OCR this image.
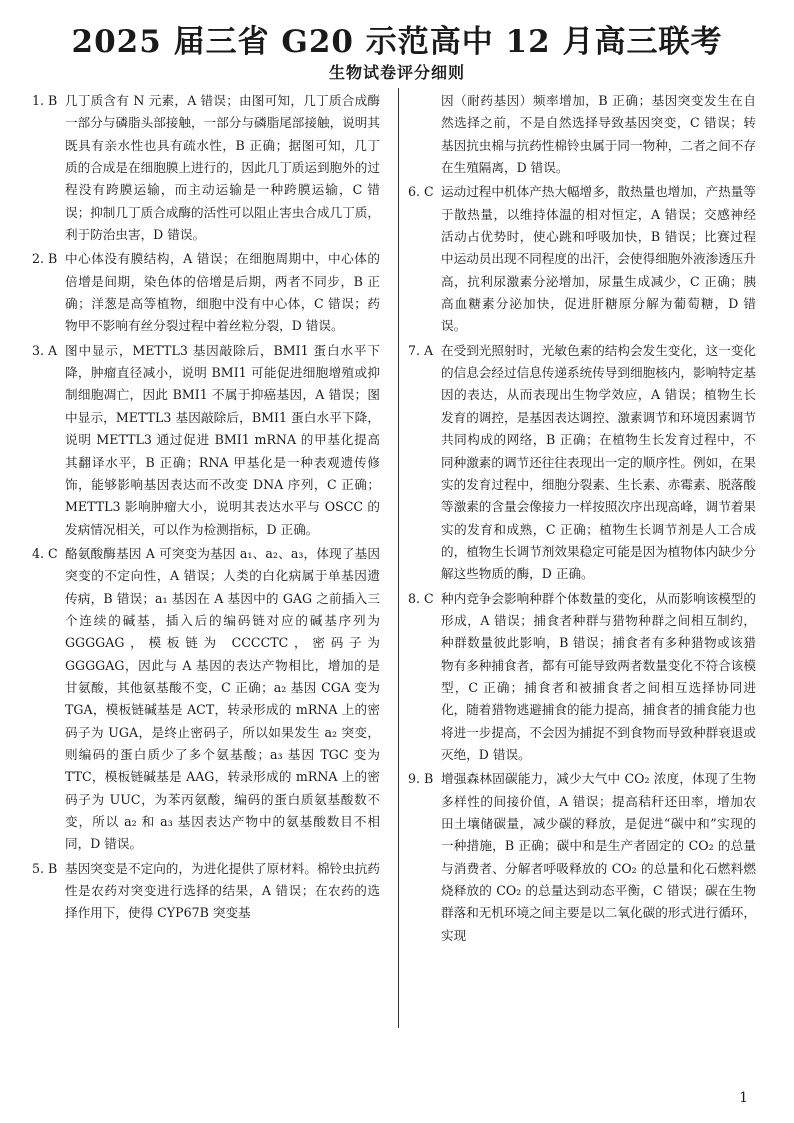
2025 届三省 G20 示范高中 12 月高三联考
生物试卷评分细则
1. B 几丁质含有 N 元素，A 错误；由图可知，几丁质合成酶一部分与磷脂头部接触，一部分与磷脂尾部接触，说明其既具有亲水性也具有疏水性，B 正确；据图可知，几丁质的合成是在细胞膜上进行的，因此几丁质运到胞外的过程没有跨膜运输，而主动运输是一种跨膜运输，C 错误；抑制几丁质合成酶的活性可以阻止害虫合成几丁质，利于防治虫害，D 错误。
2. B 中心体没有膜结构，A 错误；在细胞周期中，中心体的倍增是间期，染色体的倍增是后期，两者不同步，B 正确；洋葱是高等植物，细胞中没有中心体，C 错误；药物甲不影响有丝分裂过程中着丝粒分裂，D 错误。
3. A 图中显示，METTL3 基因敲除后，BMI1 蛋白水平下降，肿瘤直径减小，说明 BMI1 可能促进细胞增殖或抑制细胞凋亡，因此 BMI1 不属于抑癌基因，A 错误；图中显示，METTL3 基因敲除后，BMI1 蛋白水平下降，说明 METTL3 通过促进 BMI1 mRNA 的甲基化提高其翻译水平，B 正确；RNA 甲基化是一种表观遗传修饰，能够影响基因表达而不改变 DNA 序列，C 正确；METTL3 影响肿瘤大小，说明其表达水平与 OSCC 的发病情况相关，可以作为检测指标，D 正确。
4. C 酪氨酸酶基因 A 可突变为基因 a₁、a₂、a₃，体现了基因突变的不定向性，A 错误；人类的白化病属于单基因遗传病，B 错误；a₁ 基因在 A 基因中的 GAG 之前插入三个连续的碱基，插入后的编码链对应的碱基序列为 GGGGAG，模板链为 CCCCTC，密码子为 GGGGAG，因此与 A 基因的表达产物相比，增加的是甘氨酸，其他氨基酸不变，C 正确；a₂ 基因 CGA 变为 TGA，模板链碱基是 ACT，转录形成的 mRNA 上的密码子为 UGA，是终止密码子，所以如果发生 a₂ 突变，则编码的蛋白质少了多个氨基酸；a₃ 基因 TGC 变为 TTC，模板链碱基是 AAG，转录形成的 mRNA 上的密码子为 UUC，为苯丙氨酸，编码的蛋白质氨基酸数不变，所以 a₂ 和 a₃ 基因表达产物中的氨基酸数目不相同，D 错误。
5. B 基因突变是不定向的，为进化提供了原材料。棉铃虫抗药性是农药对突变进行选择的结果，A 错误；在农药的选择作用下，使得 CYP67B 突变基
因（耐药基因）频率增加，B 正确；基因突变发生在自然选择之前，不是自然选择导致基因突变，C 错误；转基因抗虫棉与抗药性棉铃虫属于同一物种，二者之间不存在生殖隔离，D 错误。
6. C 运动过程中机体产热大幅增多，散热量也增加，产热量等于散热量，以维持体温的相对恒定，A 错误；交感神经活动占优势时，使心跳和呼吸加快，B 错误；比赛过程中运动员出现不同程度的出汗，会使得细胞外液渗透压升高，抗利尿激素分泌增加，尿量生成减少，C 正确；胰高血糖素分泌加快，促进肝糖原分解为葡萄糖，D 错误。
7. A 在受到光照射时，光敏色素的结构会发生变化，这一变化的信息会经过信息传递系统传导到细胞核内，影响特定基因的表达，从而表现出生物学效应，A 错误；植物生长发育的调控，是基因表达调控、激素调节和环境因素调节共同构成的网络，B 正确；在植物生长发育过程中，不同种激素的调节还往往表现出一定的顺序性。例如，在果实的发育过程中，细胞分裂素、生长素、赤霉素、脱落酸等激素的含量会像接力一样按照次序出现高峰，调节着果实的发育和成熟，C 正确；植物生长调节剂是人工合成的，植物生长调节剂效果稳定可能是因为植物体内缺少分解这些物质的酶，D 正确。
8. C 种内竞争会影响种群个体数量的变化，从而影响该模型的形成，A 错误；捕食者种群与猎物种群之间相互制约，种群数量彼此影响，B 错误；捕食者有多种猎物或该猎物有多种捕食者，都有可能导致两者数量变化不符合该模型，C 正确；捕食者和被捕食者之间相互选择协同进化，随着猎物逃避捕食的能力提高，捕食者的捕食能力也将进一步提高，不会因为捕捉不到食物而导致种群衰退或灭绝，D 错误。
9. B 增强森林固碳能力，减少大气中 CO₂ 浓度，体现了生物多样性的间接价值，A 错误；提高秸秆还田率，增加农田土壤储碳量，减少碳的释放，是促进“碳中和”实现的一种措施，B 正确；碳中和是生产者固定的 CO₂ 的总量与消费者、分解者呼吸释放的 CO₂ 的总量和化石燃料燃烧释放的 CO₂ 的总量达到动态平衡，C 错误；碳在生物群落和无机环境之间主要是以二氧化碳的形式进行循环，实现
1
